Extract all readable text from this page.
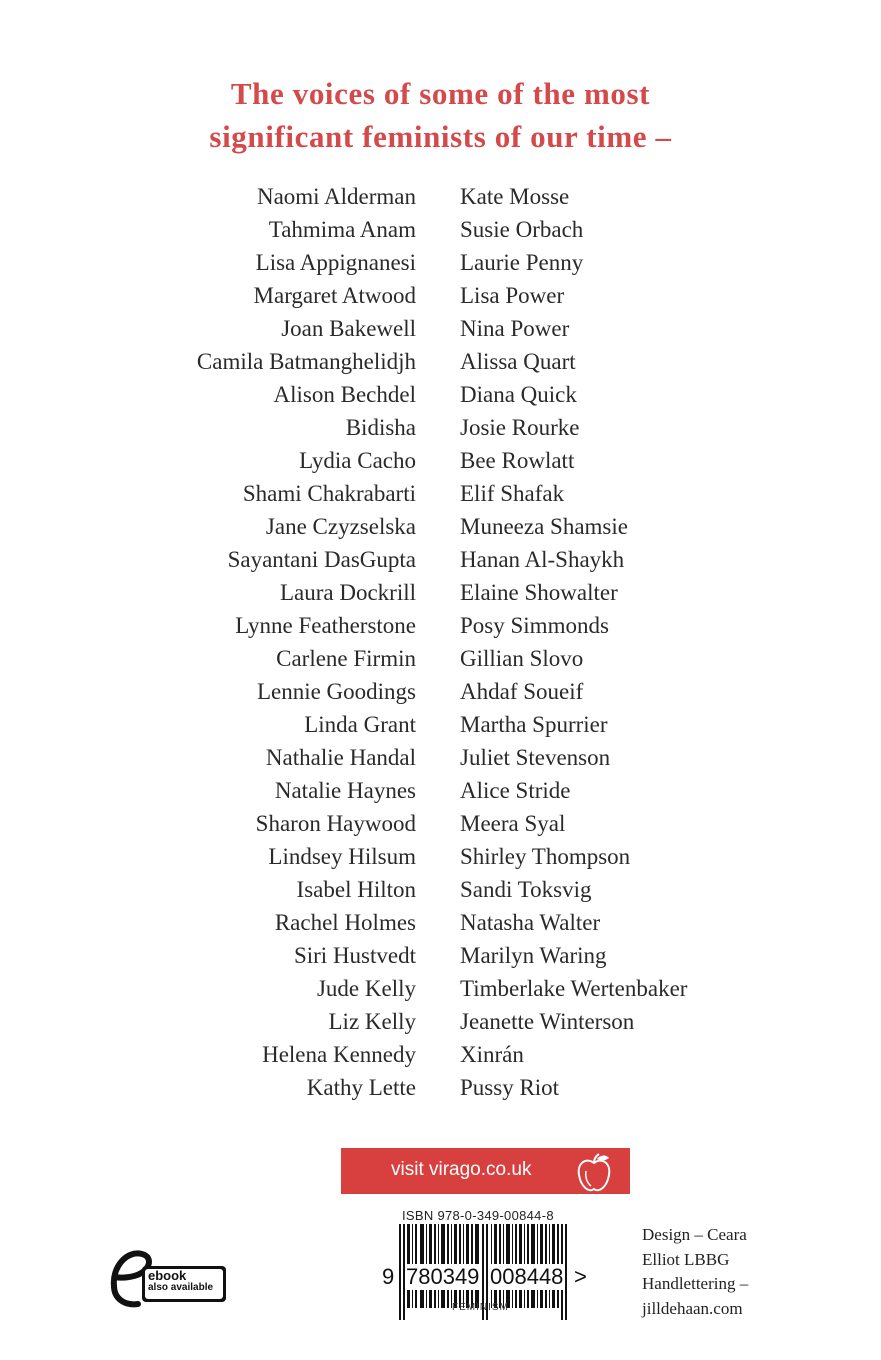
The voices of some of the most
significant feminists of our time –
Naomi Alderman
Tahmima Anam
Lisa Appignanesi
Margaret Atwood
Joan Bakewell
Camila Batmanghelidjh
Alison Bechdel
Bidisha
Lydia Cacho
Shami Chakrabarti
Jane Czyzselska
Sayantani DasGupta
Laura Dockrill
Lynne Featherstone
Carlene Firmin
Lennie Goodings
Linda Grant
Nathalie Handal
Natalie Haynes
Sharon Haywood
Lindsey Hilsum
Isabel Hilton
Rachel Holmes
Siri Hustvedt
Jude Kelly
Liz Kelly
Helena Kennedy
Kathy Lette
Kate Mosse
Susie Orbach
Laurie Penny
Lisa Power
Nina Power
Alissa Quart
Diana Quick
Josie Rourke
Bee Rowlatt
Elif Shafak
Muneeza Shamsie
Hanan Al-Shaykh
Elaine Showalter
Posy Simmonds
Gillian Slovo
Ahdaf Soueif
Martha Spurrier
Juliet Stevenson
Alice Stride
Meera Syal
Shirley Thompson
Sandi Toksvig
Natasha Walter
Marilyn Waring
Timberlake Wertenbaker
Jeanette Winterson
Xinrán
Pussy Riot
visit virago.co.uk
ISBN 978-0-349-00844-8
9 780349 008448 >
FEMINISM
ebook
also available
Design – Ceara
Elliot LBBG
Handlettering –
jilldehaan.com
